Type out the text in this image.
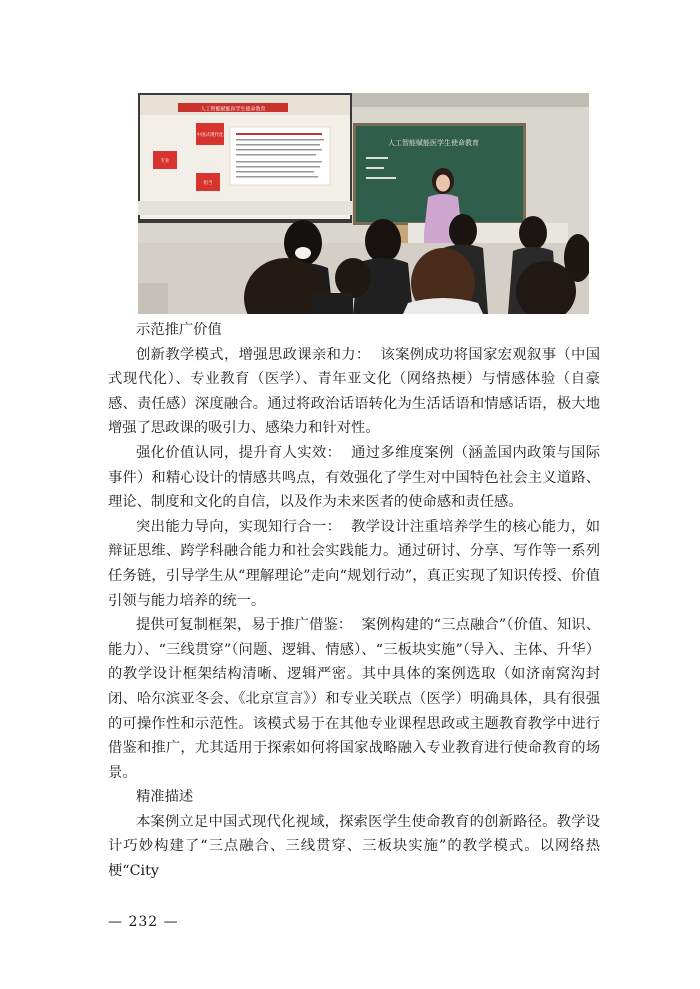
人工智能赋能医学生使命教育
中国式现代化
专业
担当
人工智能赋能医学生使命教育

示范推广价值

创新教学模式，增强思政课亲和力： 该案例成功将国家宏观叙事（中国式现代化）、专业教育（医学）、青年亚文化（网络热梗）与情感体验（自豪感、责任感）深度融合。通过将政治话语转化为生活话语和情感话语，极大地增强了思政课的吸引力、感染力和针对性。

强化价值认同，提升育人实效： 通过多维度案例（涵盖国内政策与国际事件）和精心设计的情感共鸣点，有效强化了学生对中国特色社会主义道路、理论、制度和文化的自信，以及作为未来医者的使命感和责任感。

突出能力导向，实现知行合一： 教学设计注重培养学生的核心能力，如辩证思维、跨学科融合能力和社会实践能力。通过研讨、分享、写作等一系列任务链，引导学生从“理解理论”走向“规划行动”，真正实现了知识传授、价值引领与能力培养的统一。

提供可复制框架，易于推广借鉴： 案例构建的“三点融合”（价值、知识、能力）、“三线贯穿”（问题、逻辑、情感）、“三板块实施”（导入、主体、升华）的教学设计框架结构清晰、逻辑严密。其中具体的案例选取（如济南窝沟封闭、哈尔滨亚冬会、《北京宣言》）和专业关联点（医学）明确具体，具有很强的可操作性和示范性。该模式易于在其他专业课程思政或主题教育教学中进行借鉴和推广，尤其适用于探索如何将国家战略融入专业教育进行使命教育的场景。

精准描述

本案例立足中国式现代化视域，探索医学生使命教育的创新路径。教学设计巧妙构建了“三点融合、三线贯穿、三板块实施”的教学模式。以网络热梗“City

— 232 —
